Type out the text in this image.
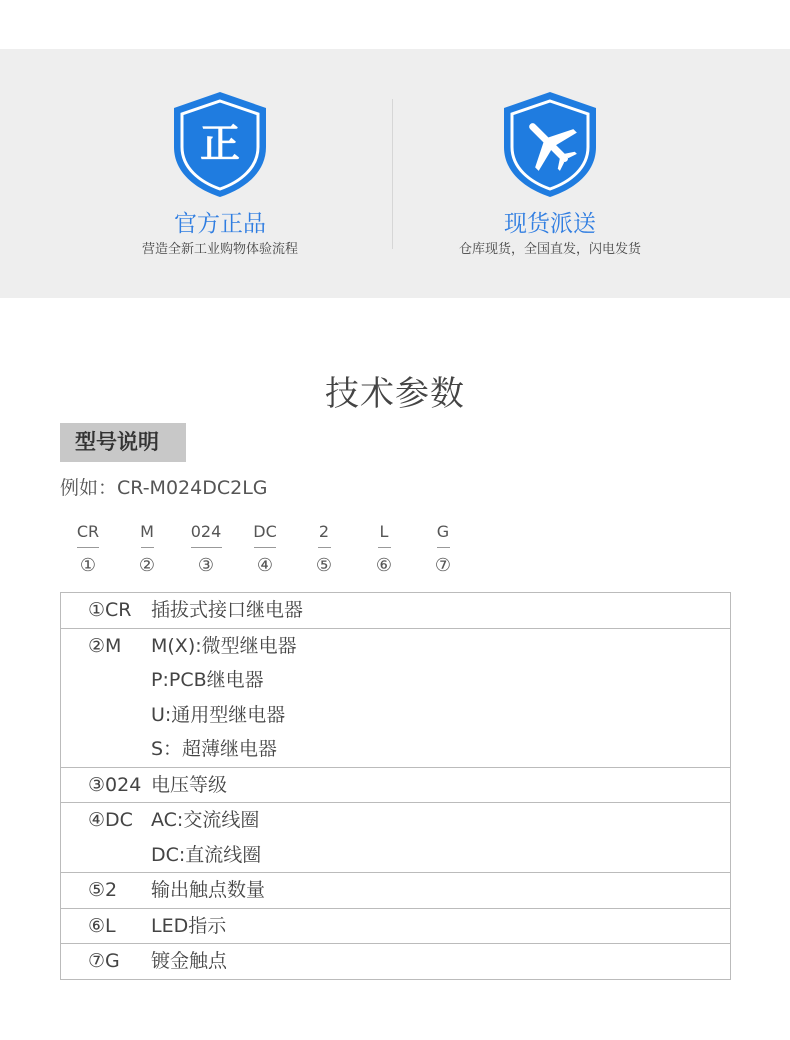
正
官方正品
营造全新工业购物体验流程
现货派送
仓库现货，全国直发，闪电发货
技术参数
型号说明
例如：CR-M024DC2LG
CR
①
M
②
024
③
DC
④
2
⑤
L
⑥
G
⑦
①CR 插拔式接口继电器
②M M(X):微型继电器
P:PCB继电器
U:通用型继电器
S：超薄继电器
③024 电压等级
④DC AC:交流线圈
DC:直流线圈
⑤2 输出触点数量
⑥L LED指示
⑦G 镀金触点
